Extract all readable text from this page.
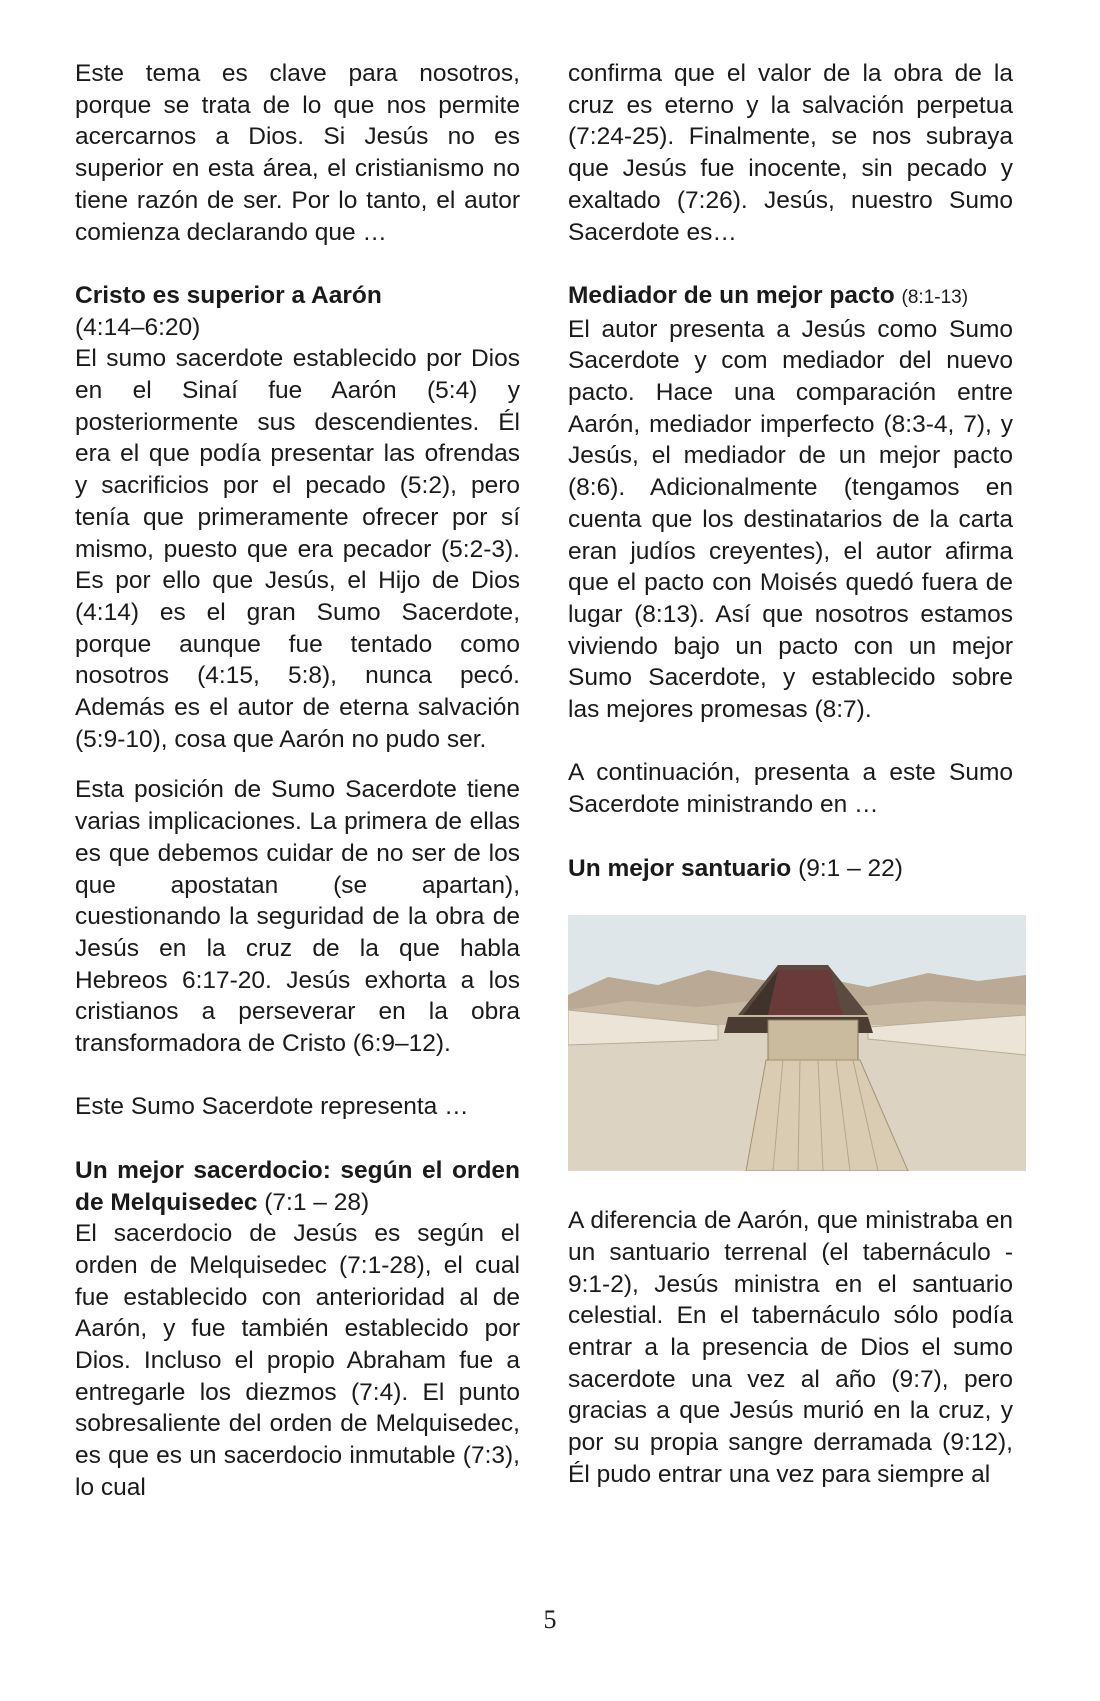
Este tema es clave para nosotros, porque se trata de lo que nos permite acercarnos a Dios. Si Jesús no es superior en esta área, el cristianismo no tiene razón de ser. Por lo tanto, el autor comienza declarando que …

Cristo es superior a Aarón

(4:14–6:20)

El sumo sacerdote establecido por Dios en el Sinaí fue Aarón (5:4) y posteriormente sus descendientes. Él era el que podía presentar las ofrendas y sacrificios por el pecado (5:2), pero tenía que primeramente ofrecer por sí mismo, puesto que era pecador (5:2-3). Es por ello que Jesús, el Hijo de Dios (4:14) es el gran Sumo Sacerdote, porque aunque fue tentado como nosotros (4:15, 5:8), nunca pecó. Además es el autor de eterna salvación (5:9-10), cosa que Aarón no pudo ser.

Esta posición de Sumo Sacerdote tiene varias implicaciones. La primera de ellas es que debemos cuidar de no ser de los que apostatan (se apartan), cuestionando la seguridad de la obra de Jesús en la cruz de la que habla Hebreos 6:17-20. Jesús exhorta a los cristianos a perseverar en la obra transformadora de Cristo (6:9–12).

Este Sumo Sacerdote representa …

Un mejor sacerdocio: según el orden de Melquisedec (7:1 – 28)

El sacerdocio de Jesús es según el orden de Melquisedec (7:1-28), el cual fue establecido con anterioridad al de Aarón, y fue también establecido por Dios. Incluso el propio Abraham fue a entregarle los diezmos (7:4). El punto sobresaliente del orden de Melquisedec, es que es un sacerdocio inmutable (7:3), lo cual

confirma que el valor de la obra de la cruz es eterno y la salvación perpetua (7:24-25). Finalmente, se nos subraya que Jesús fue inocente, sin pecado y exaltado (7:26). Jesús, nuestro Sumo Sacerdote es…

Mediador de un mejor pacto (8:1-13)

El autor presenta a Jesús como Sumo Sacerdote y com mediador del nuevo pacto. Hace una comparación entre Aarón, mediador imperfecto (8:3-4, 7), y Jesús, el mediador de un mejor pacto (8:6). Adicionalmente (tengamos en cuenta que los destinatarios de la carta eran judíos creyentes), el autor afirma que el pacto con Moisés quedó fuera de lugar (8:13). Así que nosotros estamos viviendo bajo un pacto con un mejor Sumo Sacerdote, y establecido sobre las mejores promesas (8:7).

A continuación, presenta a este Sumo Sacerdote ministrando en …

Un mejor santuario (9:1 – 22)

A diferencia de Aarón, que ministraba en un santuario terrenal (el tabernáculo - 9:1-2), Jesús ministra en el santuario celestial. En el tabernáculo sólo podía entrar a la presencia de Dios el sumo sacerdote una vez al año (9:7), pero gracias a que Jesús murió en la cruz, y por su propia sangre derramada (9:12), Él pudo entrar una vez para siempre al

5
